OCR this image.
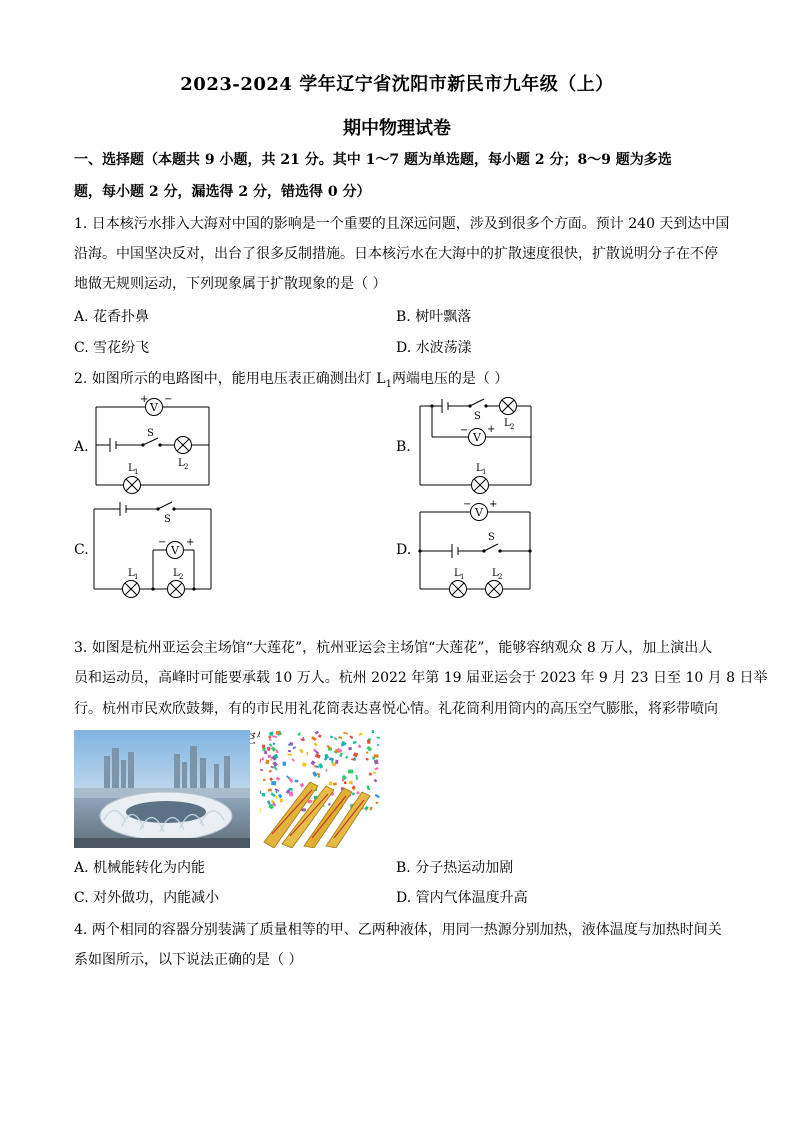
2023-2024 学年辽宁省沈阳市新民市九年级（上）
期中物理试卷
一、选择题（本题共 9 小题，共 21 分。其中 1～7 题为单选题，每小题 2 分；8～9 题为多选
题，每小题 2 分，漏选得 2 分，错选得 0 分）
1. 日本核污水排入大海对中国的影响是一个重要的且深远问题，涉及到很多个方面。预计 240 天到达中国
沿海。中国坚决反对，出台了很多反制措施。日本核污水在大海中的扩散速度很快，扩散说明分子在不停
地做无规则运动，下列现象属于扩散现象的是（ ）
A. 花香扑鼻	B. 树叶飘落
C. 雪花纷飞	D. 水波荡漾
2. 如图所示的电路图中，能用电压表正确测出灯 $L_1$两端电压的是（ ）
A.
V
+ −
S
L 2
L 1
B.
V
− +
S
L 2
L 1
C.	V
− +
S
L 1	L 2
D.
V
− +
S
L 1	L 2
3. 如图是杭州亚运会主场馆“大莲花”，杭州亚运会主场馆“大莲花”，能够容纳观众 8 万人，加上演出人
员和运动员，高峰时可能要承载 10 万人。杭州 2022 年第 19 届亚运会于 2023 年 9 月 23 日至 10 月 8 日举
行。杭州市民欢欣鼓舞，有的市民用礼花筒表达喜悦心情。礼花筒利用筒内的高压空气膨胀，将彩带喷向
A. 机械能转化为内能	B. 分子热运动加剧
C. 对外做功，内能减小	D. 管内气体温度升高
4. 两个相同的容器分别装满了质量相等的甲、乙两种液体，用同一热源分别加热，液体温度与加热时间关
系如图所示，以下说法正确的是（ ）
